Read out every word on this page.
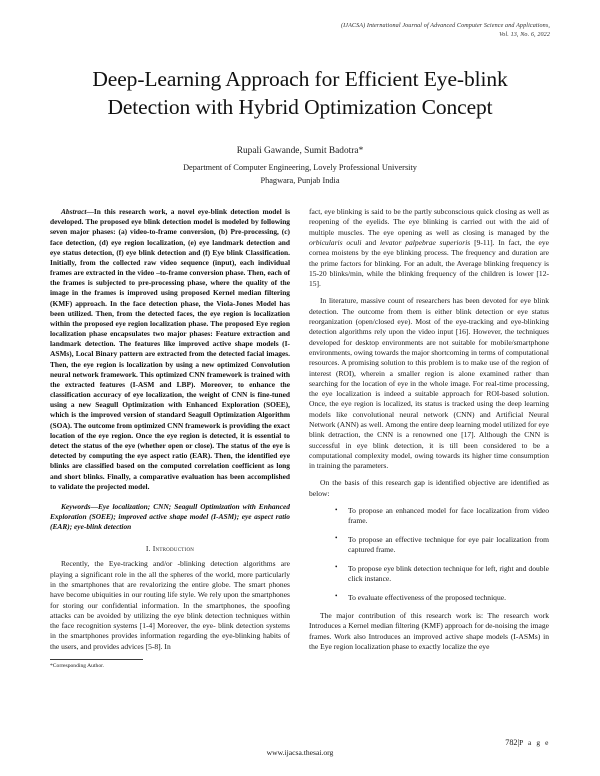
(IJACSA) International Journal of Advanced Computer Science and Applications,
Vol. 13, No. 6, 2022
Deep-Learning Approach for Efficient Eye-blink Detection with Hybrid Optimization Concept
Rupali Gawande, Sumit Badotra*
Department of Computer Engineering, Lovely Professional University
Phagwara, Punjab India

Abstract—In this research work, a novel eye-blink detection model is developed. The proposed eye blink detection model is modeled by following seven major phases: (a) video-to-frame conversion, (b) Pre-processing, (c) face detection, (d) eye region localization, (e) eye landmark detection and eye status detection, (f) eye blink detection and (f) Eye blink Classification. Initially, from the collected raw video sequence (input), each individual frames are extracted in the video –to-frame conversion phase. Then, each of the frames is subjected to pre-processing phase, where the quality of the image in the frames is improved using proposed Kernel median filtering (KMF) approach. In the face detection phase, the Viola-Jones Model has been utilized. Then, from the detected faces, the eye region is localization within the proposed eye region localization phase. The proposed Eye region localization phase encapsulates two major phases: Feature extraction and landmark detection. The features like improved active shape models (I-ASMs), Local Binary pattern are extracted from the detected facial images. Then, the eye region is localization by using a new optimized Convolution neural network framework. This optimized CNN framework is trained with the extracted features (I-ASM and LBP). Moreover, to enhance the classification accuracy of eye localization, the weight of CNN is fine-tuned using a new Seagull Optimization with Enhanced Exploration (SOEE), which is the improved version of standard Seagull Optimization Algorithm (SOA). The outcome from optimized CNN framework is providing the exact location of the eye region. Once the eye region is detected, it is essential to detect the status of the eye (whether open or close). The status of the eye is detected by computing the eye aspect ratio (EAR). Then, the identified eye blinks are classified based on the computed correlation coefficient as long and short blinks. Finally, a comparative evaluation has been accomplished to validate the projected model.

Keywords—Eye localization; CNN; Seagull Optimization with Enhanced Exploration (SOEE); improved active shape model (I-ASM); eye aspect ratio (EAR); eye-blink detection

I. Introduction

Recently, the Eye-tracking and/or -blinking detection algorithms are playing a significant role in the all the spheres of the world, more particularly in the smartphones that are revalorizing the entire globe. The smart phones have become ubiquities in our routing life style. We rely upon the smartphones for storing our confidential information. In the smartphones, the spoofing attacks can be avoided by utilizing the eye blink detection techniques within the face recognition systems [1-4] Moreover, the eye- blink detection systems in the smartphones provides information regarding the eye-blinking habits of the users, and provides advices [5-8]. In

*Corresponding Author.

fact, eye blinking is said to be the partly subconscious quick closing as well as reopening of the eyelids. The eye blinking is carried out with the aid of multiple muscles. The eye opening as well as closing is managed by the orbicularis oculi and levator palpebrae superioris [9-11]. In fact, the eye cornea moistens by the eye blinking process. The frequency and duration are the prime factors for blinking. For an adult, the Average blinking frequency is 15-20 blinks/min, while the blinking frequency of the children is lower [12-15].

In literature, massive count of researchers has been devoted for eye blink detection. The outcome from them is either blink detection or eye status reorganization (open/closed eye). Most of the eye-tracking and eye-blinking detection algorithms rely upon the video input [16]. However, the techniques developed for desktop environments are not suitable for mobile/smartphone environments, owing towards the major shortcoming in terms of computational resources. A promising solution to this problem is to make use of the region of interest (ROI), wherein a smaller region is alone examined rather than searching for the location of eye in the whole image. For real-time processing, the eye localization is indeed a suitable approach for ROI-based solution. Once, the eye region is localized, its status is tracked using the deep learning models like convolutional neural network (CNN) and Artificial Neural Network (ANN) as well. Among the entire deep learning model utilized for eye blink detraction, the CNN is a renowned one [17]. Although the CNN is successful in eye blink detection, it is till been considered to be a computational complexity model, owing towards its higher time consumption in training the parameters.

On the basis of this research gap is identified objective are identified as below:

• To propose an enhanced model for face localization from video frame.
• To propose an effective technique for eye pair localization from captured frame.
• To propose eye blink detection technique for left, right and double click instance.
• To evaluate effectiveness of the proposed technique.

The major contribution of this research work is: The research work Introduces a Kernel median filtering (KMF) approach for de-noising the image frames. Work also Introduces an improved active shape models (I-ASMs) in the Eye region localization phase to exactly localize the eye

782|P a g e
www.ijacsa.thesai.org
